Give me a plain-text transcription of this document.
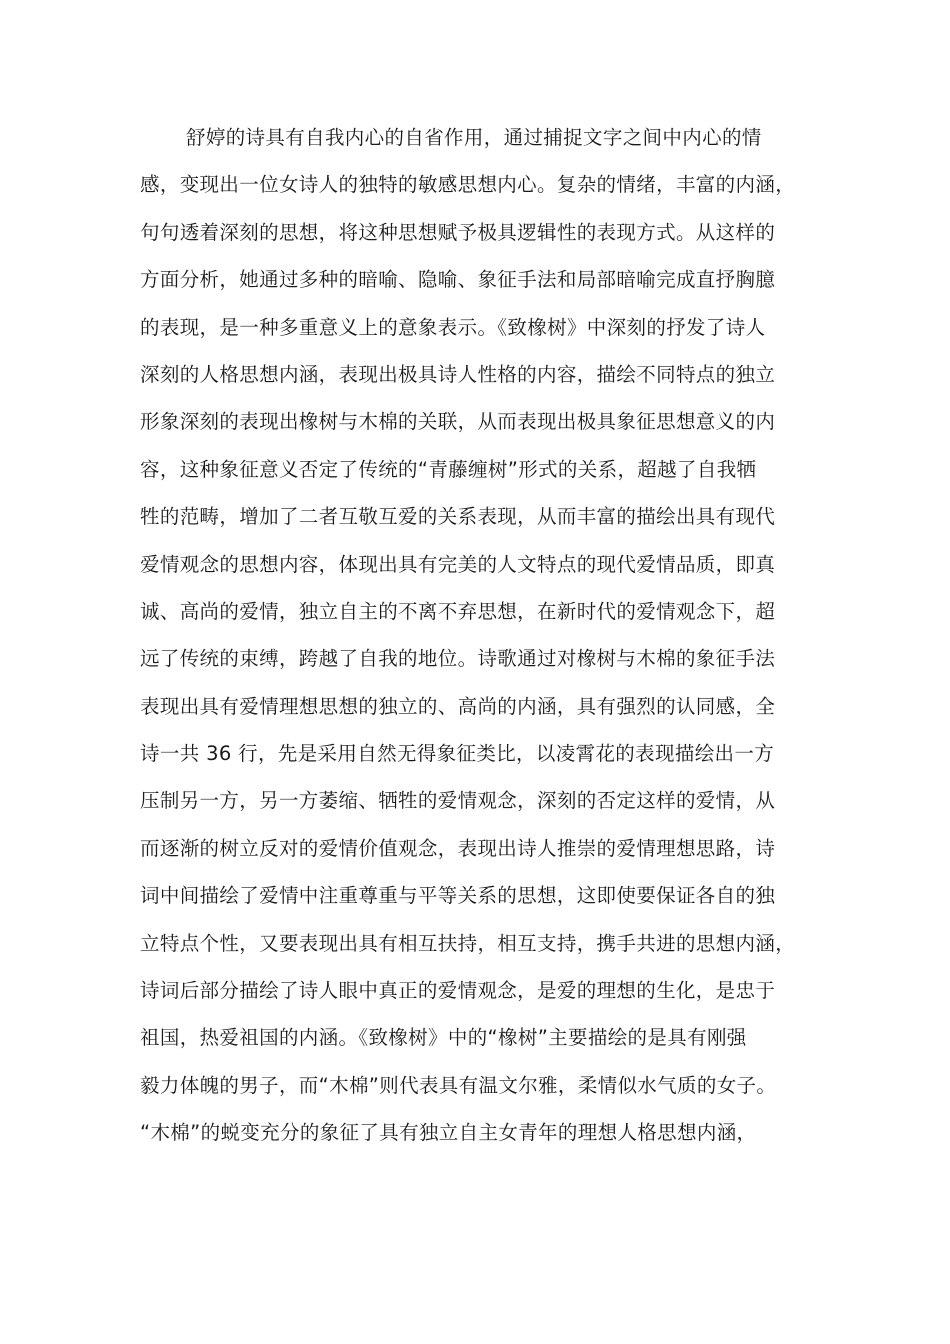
舒婷的诗具有自我内心的自省作用，通过捕捉文字之间中内心的情
感，变现出一位女诗人的独特的敏感思想内心。复杂的情绪，丰富的内涵，
句句透着深刻的思想，将这种思想赋予极具逻辑性的表现方式。从这样的
方面分析，她通过多种的暗喻、隐喻、象征手法和局部暗喻完成直抒胸臆
的表现，是一种多重意义上的意象表示。《致橡树》中深刻的抒发了诗人
深刻的人格思想内涵，表现出极具诗人性格的内容，描绘不同特点的独立
形象深刻的表现出橡树与木棉的关联，从而表现出极具象征思想意义的内
容，这种象征意义否定了传统的“青藤缠树”形式的关系，超越了自我牺
牲的范畴，增加了二者互敬互爱的关系表现，从而丰富的描绘出具有现代
爱情观念的思想内容，体现出具有完美的人文特点的现代爱情品质，即真
诚、高尚的爱情，独立自主的不离不弃思想，在新时代的爱情观念下，超
远了传统的束缚，跨越了自我的地位。诗歌通过对橡树与木棉的象征手法
表现出具有爱情理想思想的独立的、高尚的内涵，具有强烈的认同感，全
诗一共 36 行，先是采用自然无得象征类比，以凌霄花的表现描绘出一方
压制另一方，另一方萎缩、牺牲的爱情观念，深刻的否定这样的爱情，从
而逐渐的树立反对的爱情价值观念，表现出诗人推崇的爱情理想思路，诗
词中间描绘了爱情中注重尊重与平等关系的思想，这即使要保证各自的独
立特点个性，又要表现出具有相互扶持，相互支持，携手共进的思想内涵，
诗词后部分描绘了诗人眼中真正的爱情观念，是爱的理想的生化，是忠于
祖国，热爱祖国的内涵。《致橡树》中的“橡树”主要描绘的是具有刚强
毅力体魄的男子，而“木棉”则代表具有温文尔雅，柔情似水气质的女子。
“木棉”的蜕变充分的象征了具有独立自主女青年的理想人格思想内涵，
